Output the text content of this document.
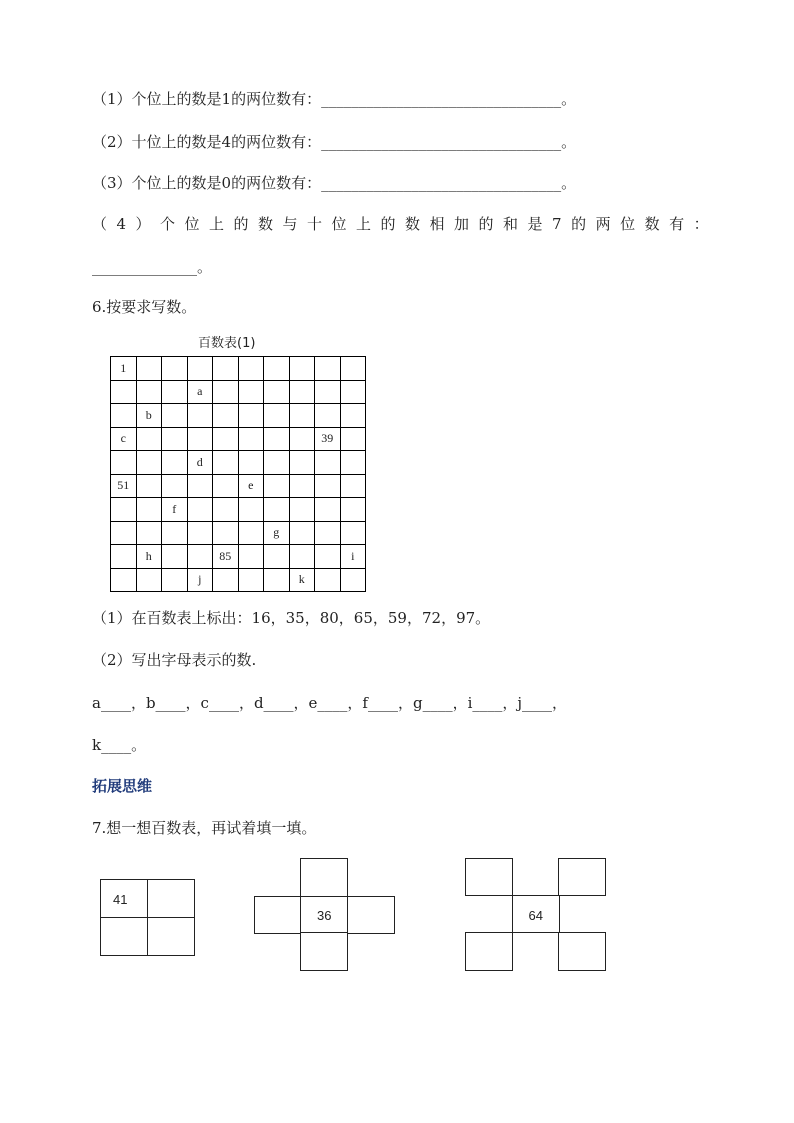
（1）个位上的数是1的两位数有：________________________________。
（2）十位上的数是4的两位数有：________________________________。
（3）个位上的数是0的两位数有：________________________________。
（4）个位上的数与十位上的数相加的和是7的两位数有：
______________。
6.按要求写数。
百数表(1)
1									
			a						
	b								
c								39	
			d						
51					e				
		f							
						g			
	h			85					i
			j				k		
（1）在百数表上标出：16，35，80，65，59，72，97。
（2）写出字母表示的数.
a____，b____，c____，d____，e____，f____，g____，i____，j____，
k____。
拓展思维
7.想一想百数表，再试着填一填。
41
36	64
